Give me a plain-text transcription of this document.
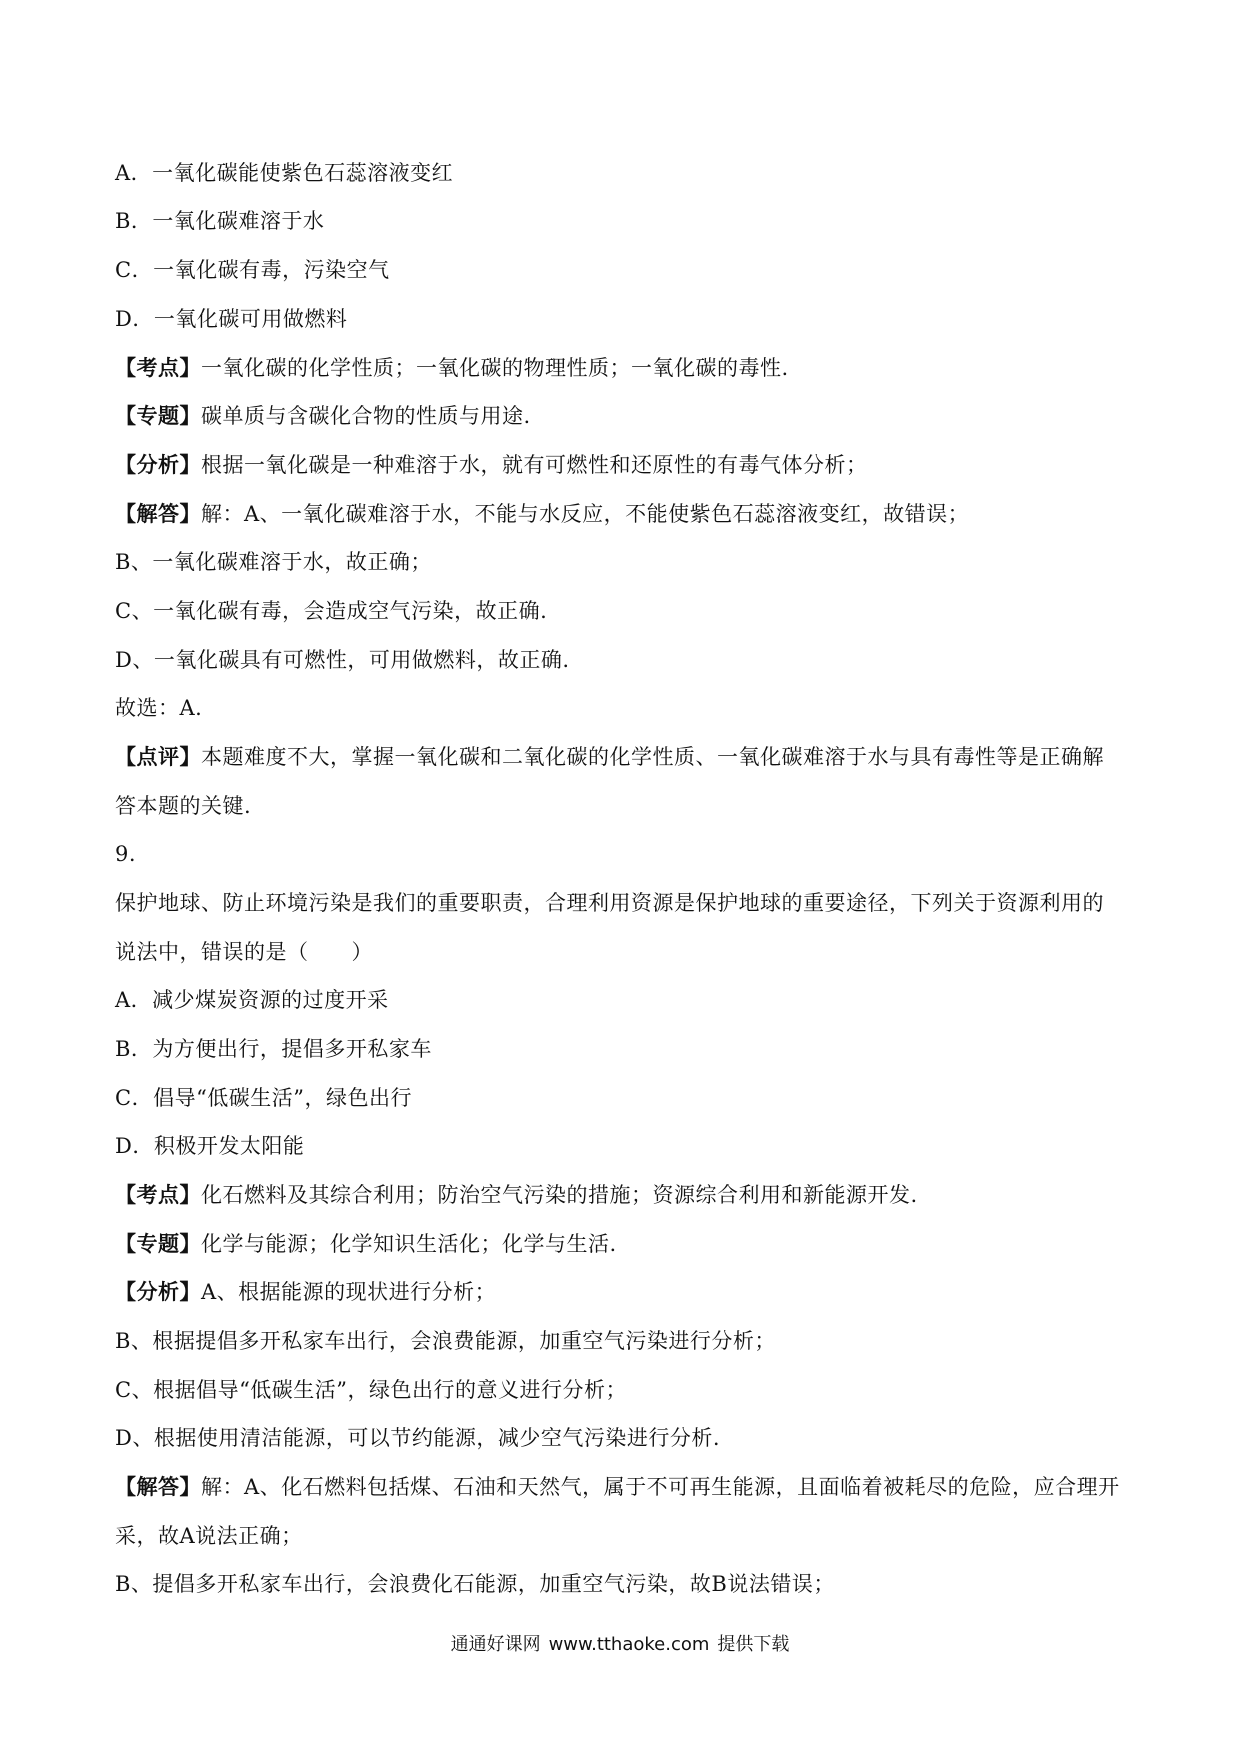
A．一氧化碳能使紫色石蕊溶液变红
B．一氧化碳难溶于水
C．一氧化碳有毒，污染空气
D．一氧化碳可用做燃料
【考点】一氧化碳的化学性质；一氧化碳的物理性质；一氧化碳的毒性.
【专题】碳单质与含碳化合物的性质与用途.
【分析】根据一氧化碳是一种难溶于水，就有可燃性和还原性的有毒气体分析；
【解答】解：A、一氧化碳难溶于水，不能与水反应，不能使紫色石蕊溶液变红，故错误；
B、一氧化碳难溶于水，故正确；
C、一氧化碳有毒，会造成空气污染，故正确.
D、一氧化碳具有可燃性，可用做燃料，故正确.
故选：A.
【点评】本题难度不大，掌握一氧化碳和二氧化碳的化学性质、一氧化碳难溶于水与具有毒性等是正确解
答本题的关键.
9.
保护地球、防止环境污染是我们的重要职责，合理利用资源是保护地球的重要途径，下列关于资源利用的
说法中，错误的是（　　）
A．减少煤炭资源的过度开采
B．为方便出行，提倡多开私家车
C．倡导“低碳生活”，绿色出行
D．积极开发太阳能
【考点】化石燃料及其综合利用；防治空气污染的措施；资源综合利用和新能源开发.
【专题】化学与能源；化学知识生活化；化学与生活.
【分析】A、根据能源的现状进行分析；
B、根据提倡多开私家车出行，会浪费能源，加重空气污染进行分析；
C、根据倡导“低碳生活”，绿色出行的意义进行分析；
D、根据使用清洁能源，可以节约能源，减少空气污染进行分析.
【解答】解：A、化石燃料包括煤、石油和天然气，属于不可再生能源，且面临着被耗尽的危险，应合理开
采，故A说法正确；
B、提倡多开私家车出行，会浪费化石能源，加重空气污染，故B说法错误；
通通好课网 www.tthaoke.com 提供下载
